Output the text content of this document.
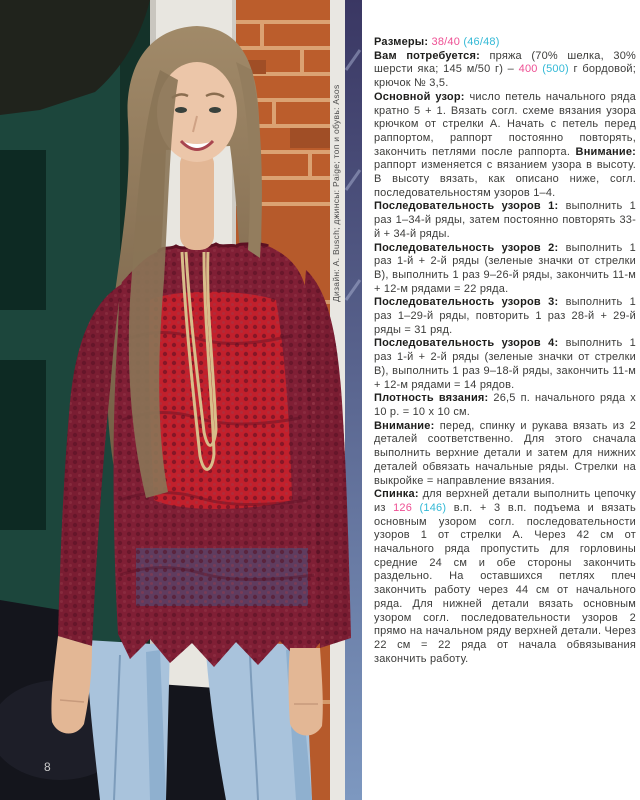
Дизайн: А. Busch; джинсы: Paige; топ и обувь: Asos
8

Размеры: 38/40 (46/48)

Вам потребуется: пряжа (70% шелка, 30% шерсти яка; 145 м/50 г) – 400 (500) г бордовой; крючок № 3,5.

Основной узор: число петель начального ряда кратно 5 + 1. Вязать согл. схеме вязания узора крючком от стрелки А. Начать с петель перед раппортом, раппорт постоянно повторять, закончить петлями после раппорта. Внимание: раппорт изменяется с вязанием узора в высоту. В высоту вязать, как описано ниже, согл. последовательностям узоров 1–4.

Последовательность узоров 1: выполнить 1 раз 1–34-й ряды, затем постоянно повторять 33-й + 34-й ряды.

Последовательность узоров 2: выполнить 1 раз 1-й + 2-й ряды (зеленые значки от стрелки В), выполнить 1 раз 9–26-й ряды, закончить 11-м + 12-м рядами = 22 ряда.

Последовательность узоров 3: выполнить 1 раз 1–29-й ряды, повторить 1 раз 28-й + 29-й ряды = 31 ряд.

Последовательность узоров 4: выполнить 1 раз 1-й + 2-й ряды (зеленые значки от стрелки В), выполнить 1 раз 9–18-й ряды, закончить 11-м + 12-м рядами = 14 рядов.

Плотность вязания: 26,5 п. начального ряда x 10 р. = 10 x 10 см.

Внимание: перед, спинку и рукава вязать из 2 деталей соответственно. Для этого сначала выполнить верхние детали и затем для нижних деталей обвязать начальные ряды. Стрелки на выкройке = направление вязания.

Спинка: для верхней детали выполнить цепочку из 126 (146) в.п. + 3 в.п. подъема и вязать основным узором согл. последовательности узоров 1 от стрелки А. Через 42 см от начального ряда пропустить для горловины средние 24 см и обе стороны закончить раздельно. На оставшихся петлях плеч закончить работу через 44 см от начального ряда. Для нижней детали вязать основным узором согл. последовательности узоров 2 прямо на начальном ряду верхней детали. Через 22 см = 22 ряда от начала обвязывания закончить работу.
